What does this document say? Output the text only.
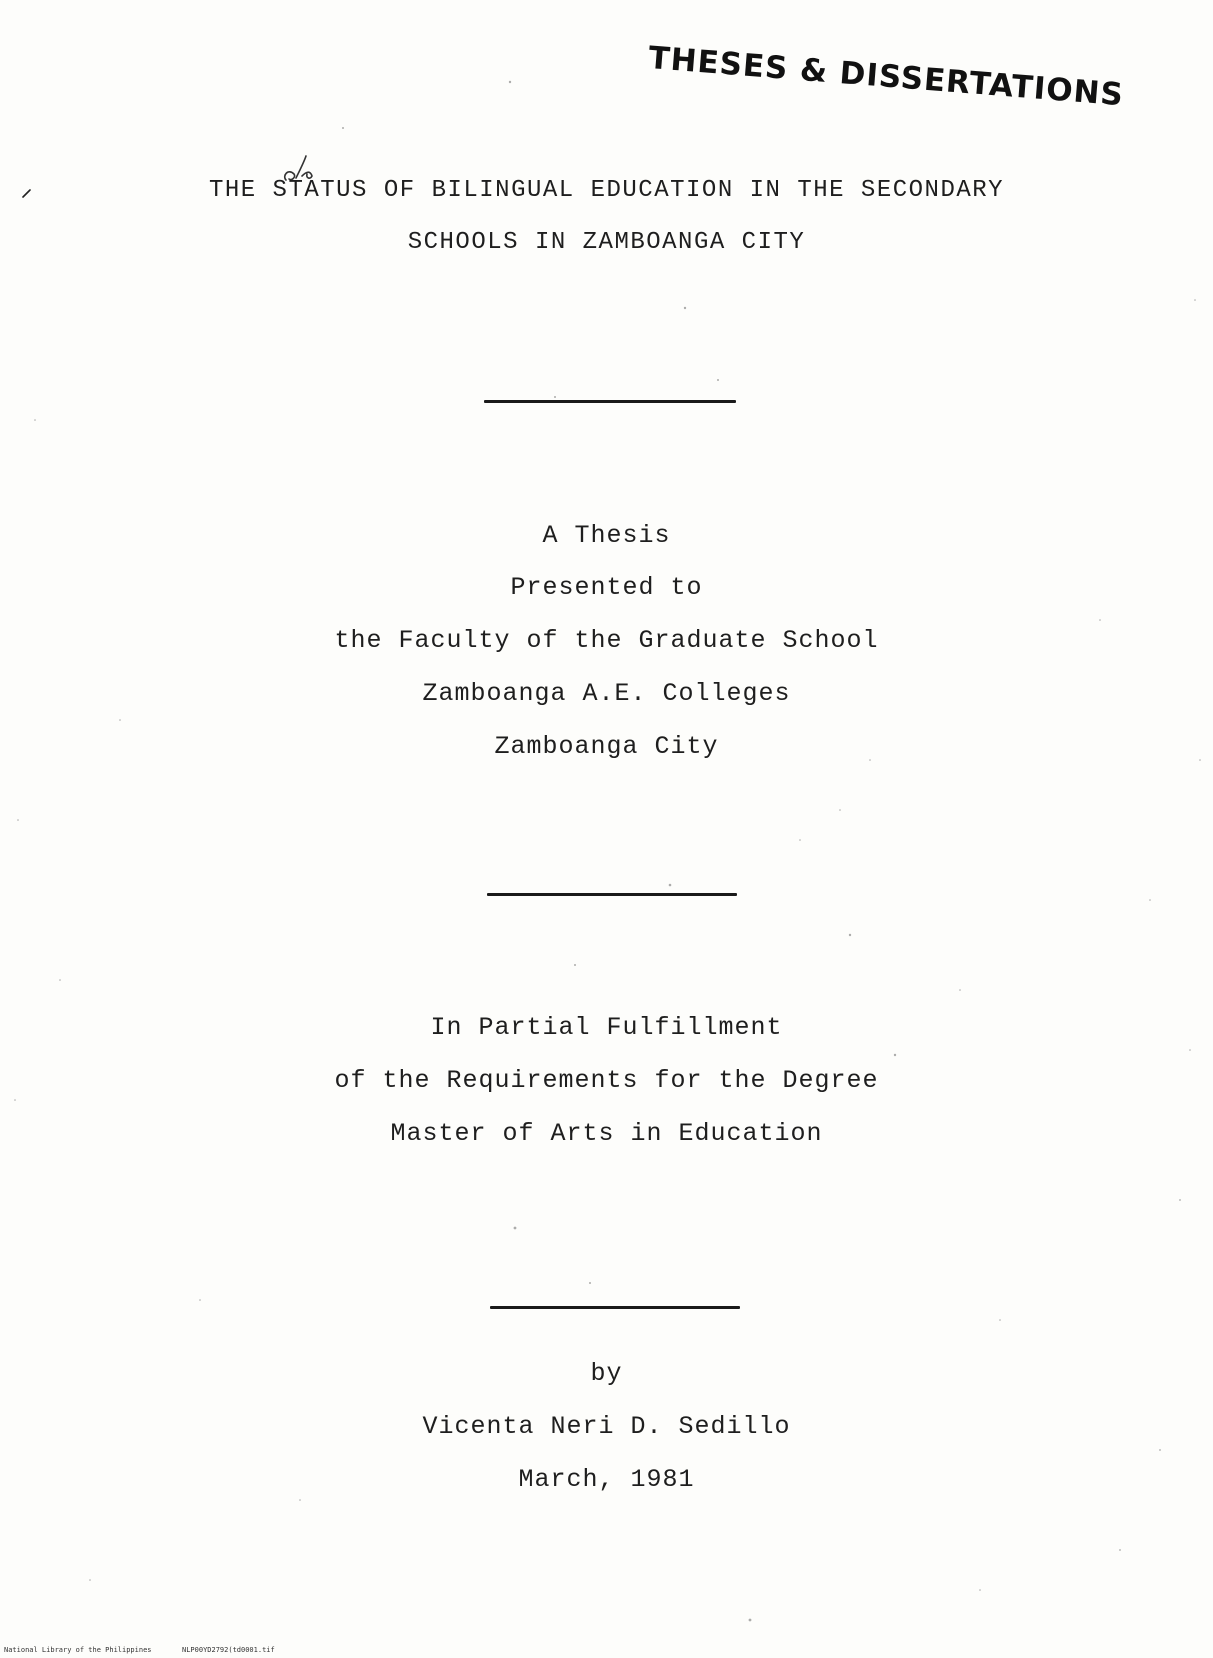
THESES & DISSERTATIONS
THE STATUS OF BILINGUAL EDUCATION IN THE SECONDARY
SCHOOLS IN ZAMBOANGA CITY
A Thesis
Presented to
the Faculty of the Graduate School
Zamboanga A.E. Colleges
Zamboanga City
In Partial Fulfillment
of the Requirements for the Degree
Master of Arts in Education
by
Vicenta Neri D. Sedillo
March, 1981
National Library of the Philippines	NLP00YD2792(td0001.tif
